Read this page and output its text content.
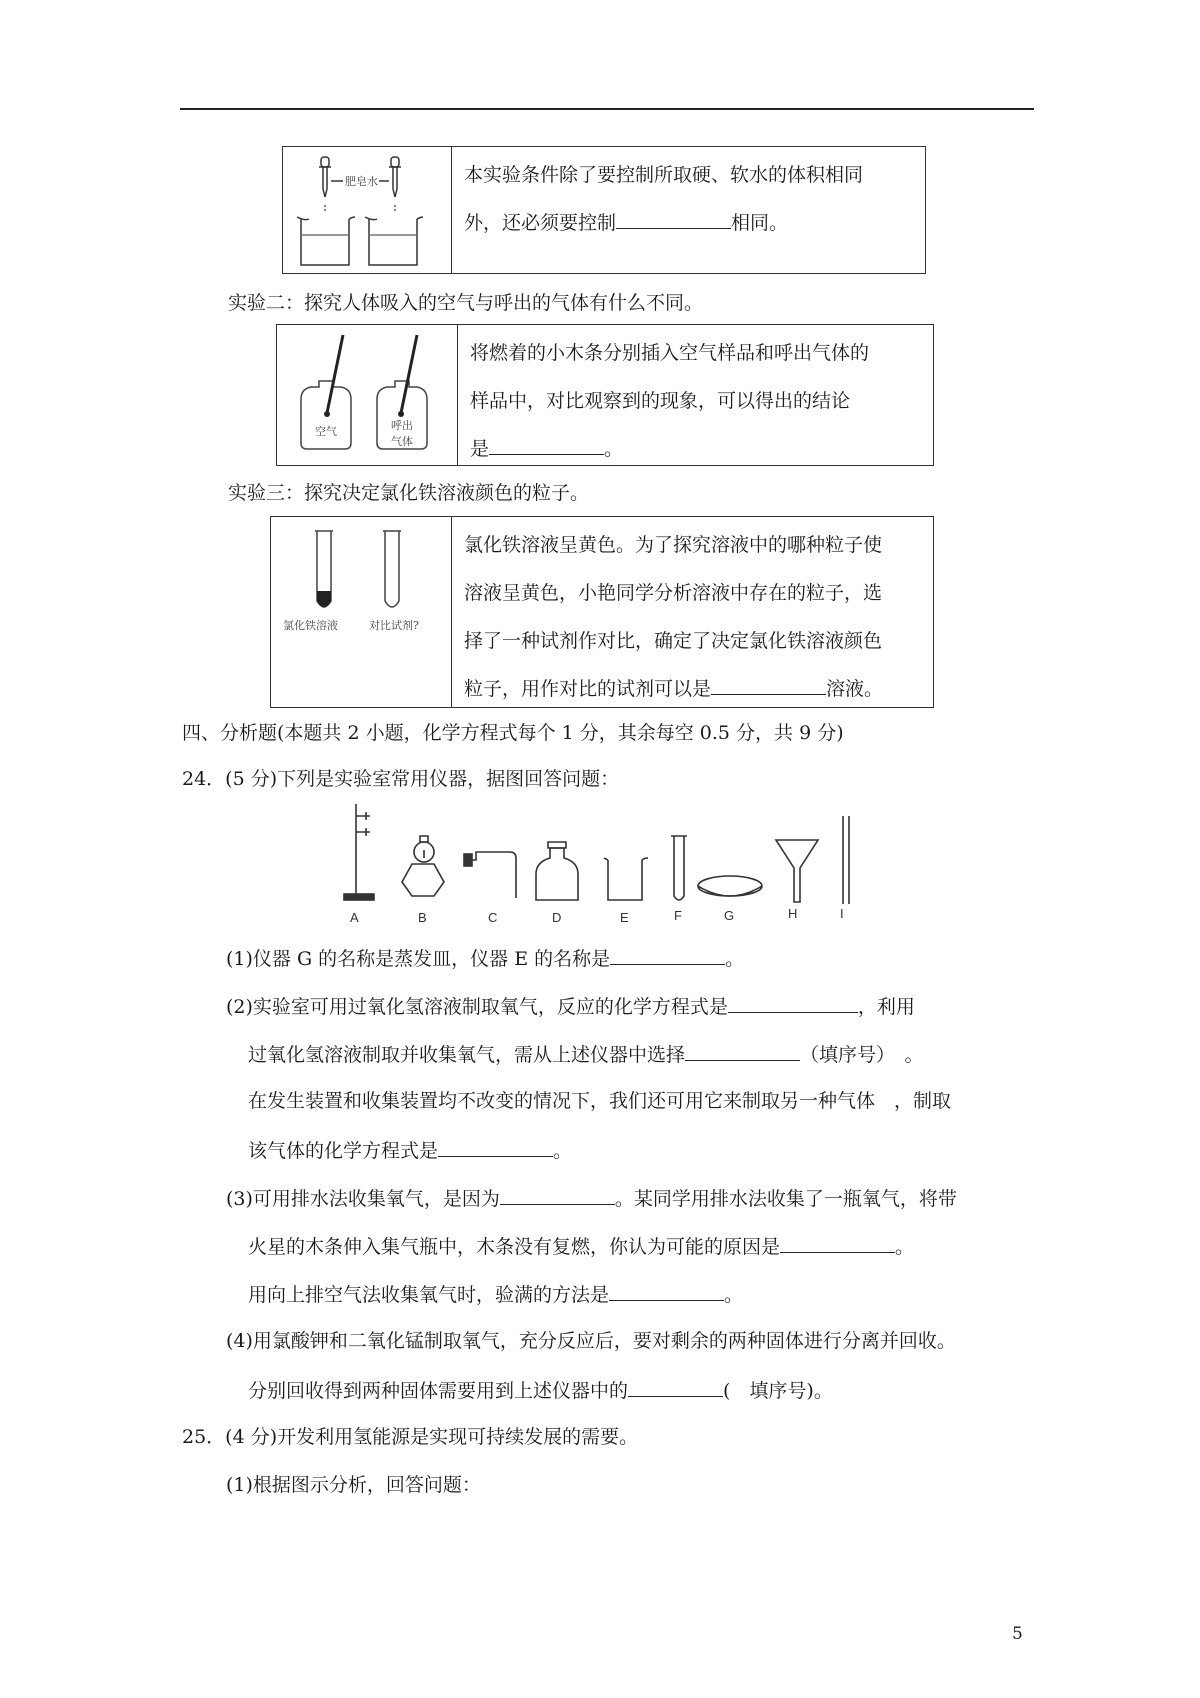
肥皂水	本实验条件除了要控制所取硬、软水的体积相同
外，还必须要控制	相同。
实验二：探究人体吸入的空气与呼出的气体有什么不同。
空气	呼出
气体
将燃着的小木条分别插入空气样品和呼出气体的
样品中，对比观察到的现象，可以得出的结论
是	。
实验三：探究决定氯化铁溶液颜色的粒子。
氯化铁溶液	对比试剂?
氯化铁溶液呈黄色。为了探究溶液中的哪种粒子使
溶液呈黄色，小艳同学分析溶液中存在的粒子，选
择了一种试剂作对比，确定了决定氯化铁溶液颜色
粒子，用作对比的试剂可以是	溶液。
四、分析题(本题共 2 小题，化学方程式每个 1 分，其余每空 0.5 分，共 9 分)
24．(5 分)下列是实验室常用仪器，据图回答问题：
A	B	C	D	E	F	G	H	I
(1)仪器 G 的名称是蒸发皿，仪器 E 的名称是	。
(2)实验室可用过氧化氢溶液制取氧气，反应的化学方程式是	，利用
过氧化氢溶液制取并收集氧气，需从上述仪器中选择	（填序号）　。
在发生装置和收集装置均不改变的情况下，我们还可用它来制取另一种气体　，制取
该气体的化学方程式是	。
(3)可用排水法收集氧气，是因为	。某同学用排水法收集了一瓶氧气，将带
火星的木条伸入集气瓶中，木条没有复燃，你认为可能的原因是	。
用向上排空气法收集氧气时，验满的方法是	。
(4)用氯酸钾和二氧化锰制取氧气，充分反应后，要对剩余的两种固体进行分离并回收。
分别回收得到两种固体需要用到上述仪器中的	(　填序号)。
25．(4 分)开发利用氢能源是实现可持续发展的需要。
(1)根据图示分析，回答问题：
5
